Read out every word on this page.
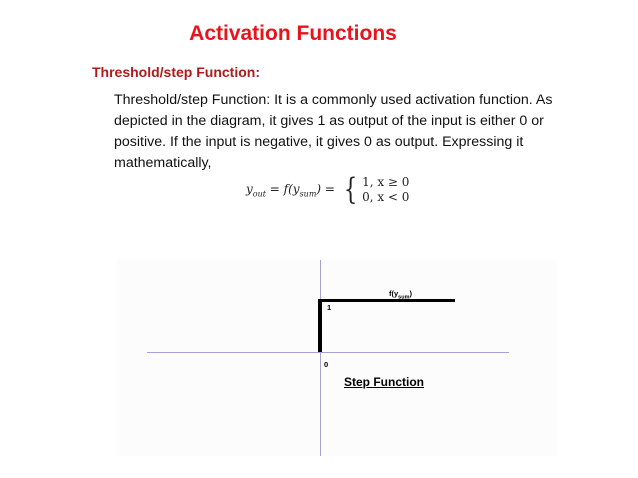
Activation Functions
Threshold/step Function:
Threshold/step Function: It is a commonly used activation function. As depicted in the diagram, it gives 1 as output of the input is either 0 or positive. If the input is negative, it gives 0 as output. Expressing it mathematically,
$y_{out} = f(y_{sum})$ = { 1, x ≥ 0
0, x < 0
1
0
$f(y_{sum})$
Step Function
